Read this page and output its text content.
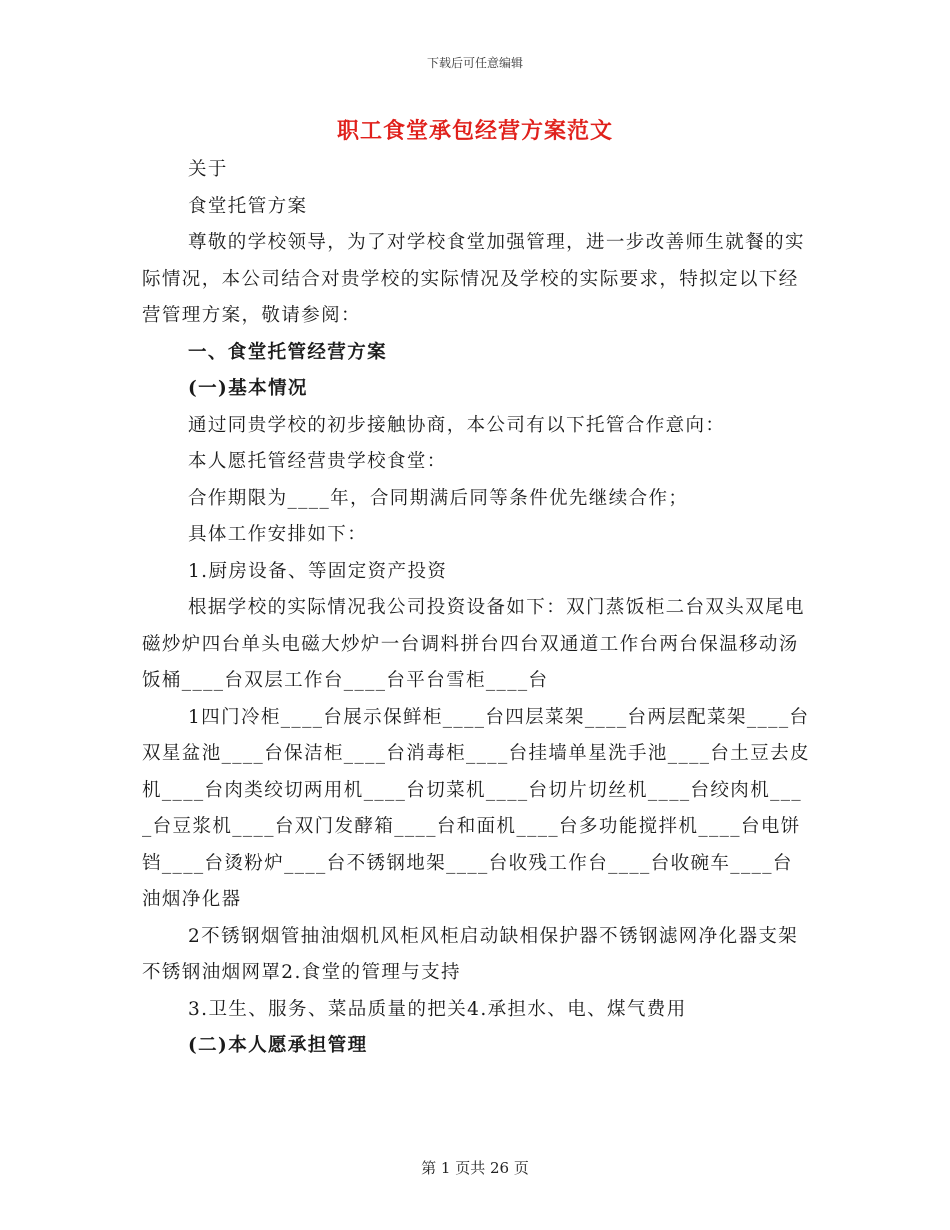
下载后可任意编辑
职工食堂承包经营方案范文

关于

食堂托管方案

尊敬的学校领导，为了对学校食堂加强管理，进一步改善师生就餐的实际情况，本公司结合对贵学校的实际情况及学校的实际要求，特拟定以下经营管理方案，敬请参阅：

一、食堂托管经营方案

(一)基本情况

通过同贵学校的初步接触协商，本公司有以下托管合作意向：

本人愿托管经营贵学校食堂：

合作期限为____年，合同期满后同等条件优先继续合作；

具体工作安排如下：

1.厨房设备、等固定资产投资

根据学校的实际情况我公司投资设备如下：双门蒸饭柜二台双头双尾电磁炒炉四台单头电磁大炒炉一台调料拼台四台双通道工作台两台保温移动汤饭桶____台双层工作台____台平台雪柜____台

1四门冷柜____台展示保鲜柜____台四层菜架____台两层配菜架____台双星盆池____台保洁柜____台消毒柜____台挂墙单星洗手池____台土豆去皮机____台肉类绞切两用机____台切菜机____台切片切丝机____台绞肉机____台豆浆机____台双门发酵箱____台和面机____台多功能搅拌机____台电饼铛____台烫粉炉____台不锈钢地架____台收残工作台____台收碗车____台油烟净化器

2不锈钢烟管抽油烟机风柜风柜启动缺相保护器不锈钢滤网净化器支架不锈钢油烟网罩2.食堂的管理与支持

3.卫生、服务、菜品质量的把关4.承担水、电、煤气费用

(二)本人愿承担管理

第 1 页共 26 页
